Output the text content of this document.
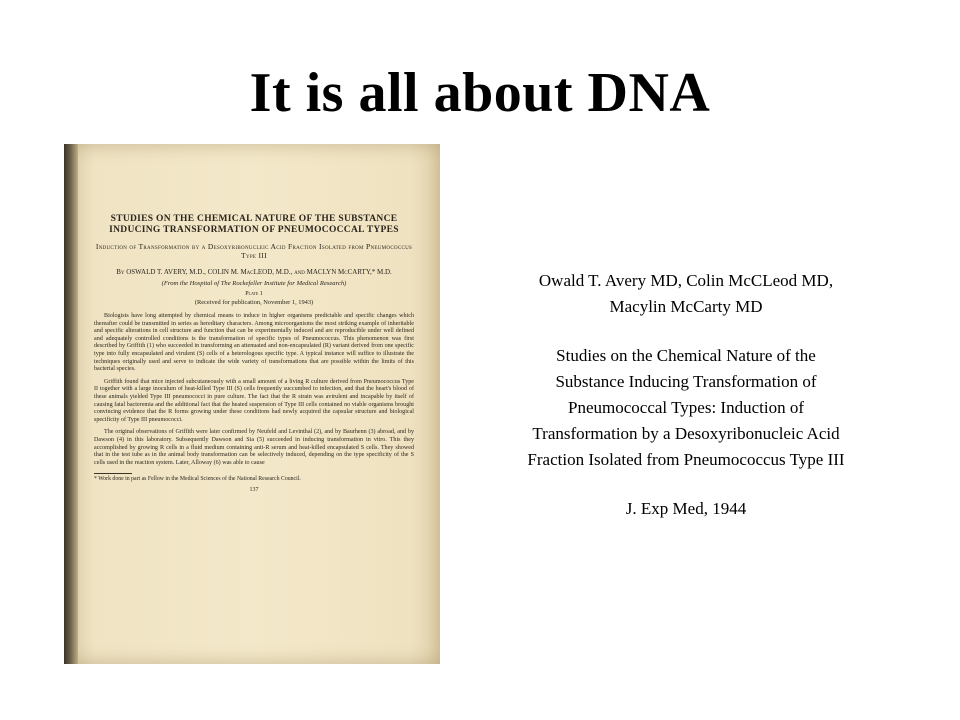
It is all about DNA
STUDIES ON THE CHEMICAL NATURE OF THE SUBSTANCE INDUCING TRANSFORMATION OF PNEUMOCOCCAL TYPES
Induction of Transformation by a Desoxyribonucleic Acid Fraction Isolated from Pneumococcus Type III
By OSWALD T. AVERY, M.D., COLIN M. MacLEOD, M.D., and MACLYN McCARTY,* M.D.
(From the Hospital of The Rockefeller Institute for Medical Research)
Plate 1
(Received for publication, November 1, 1943)

Biologists have long attempted by chemical means to induce in higher organisms predictable and specific changes which thereafter could be transmitted in series as hereditary characters. Among microorganisms the most striking example of inheritable and specific alterations in cell structure and function that can be experimentally induced and are reproducible under well defined and adequately controlled conditions is the transformation of specific types of Pneumococcus. This phenomenon was first described by Griffith (1) who succeeded in transforming an attenuated and non-encapsulated (R) variant derived from one specific type into fully encapsulated and virulent (S) cells of a heterologous specific type. A typical instance will suffice to illustrate the techniques originally used and serve to indicate the wide variety of transformations that are possible within the limits of this bacterial species.

Griffith found that mice injected subcutaneously with a small amount of a living R culture derived from Pneumococcus Type II together with a large inoculum of heat-killed Type III (S) cells frequently succumbed to infection, and that the heart's blood of these animals yielded Type III pneumococci in pure culture. The fact that the R strain was avirulent and incapable by itself of causing fatal bacteremia and the additional fact that the heated suspension of Type III cells contained no viable organisms brought convincing evidence that the R forms growing under these conditions had newly acquired the capsular structure and biological specificity of Type III pneumococci.

The original observations of Griffith were later confirmed by Neufeld and Levinthal (2), and by Baurhenn (3) abroad, and by Dawson (4) in this laboratory. Subsequently Dawson and Sia (5) succeeded in inducing transformation in vitro. This they accomplished by growing R cells in a fluid medium containing anti-R serum and heat-killed encapsulated S cells. They showed that in the test tube as in the animal body transformation can be selectively induced, depending on the type specificity of the S cells used in the reaction system. Later, Alloway (6) was able to cause

* Work done in part as Fellow in the Medical Sciences of the National Research Council.
137

Owald T. Avery MD, Colin McCLeod MD, Macylin McCarty MD

Studies on the Chemical Nature of the Substance Inducing Transformation of Pneumococcal Types: Induction of Transformation by a Desoxyribonucleic Acid Fraction Isolated from Pneumococcus Type III

J. Exp Med, 1944
